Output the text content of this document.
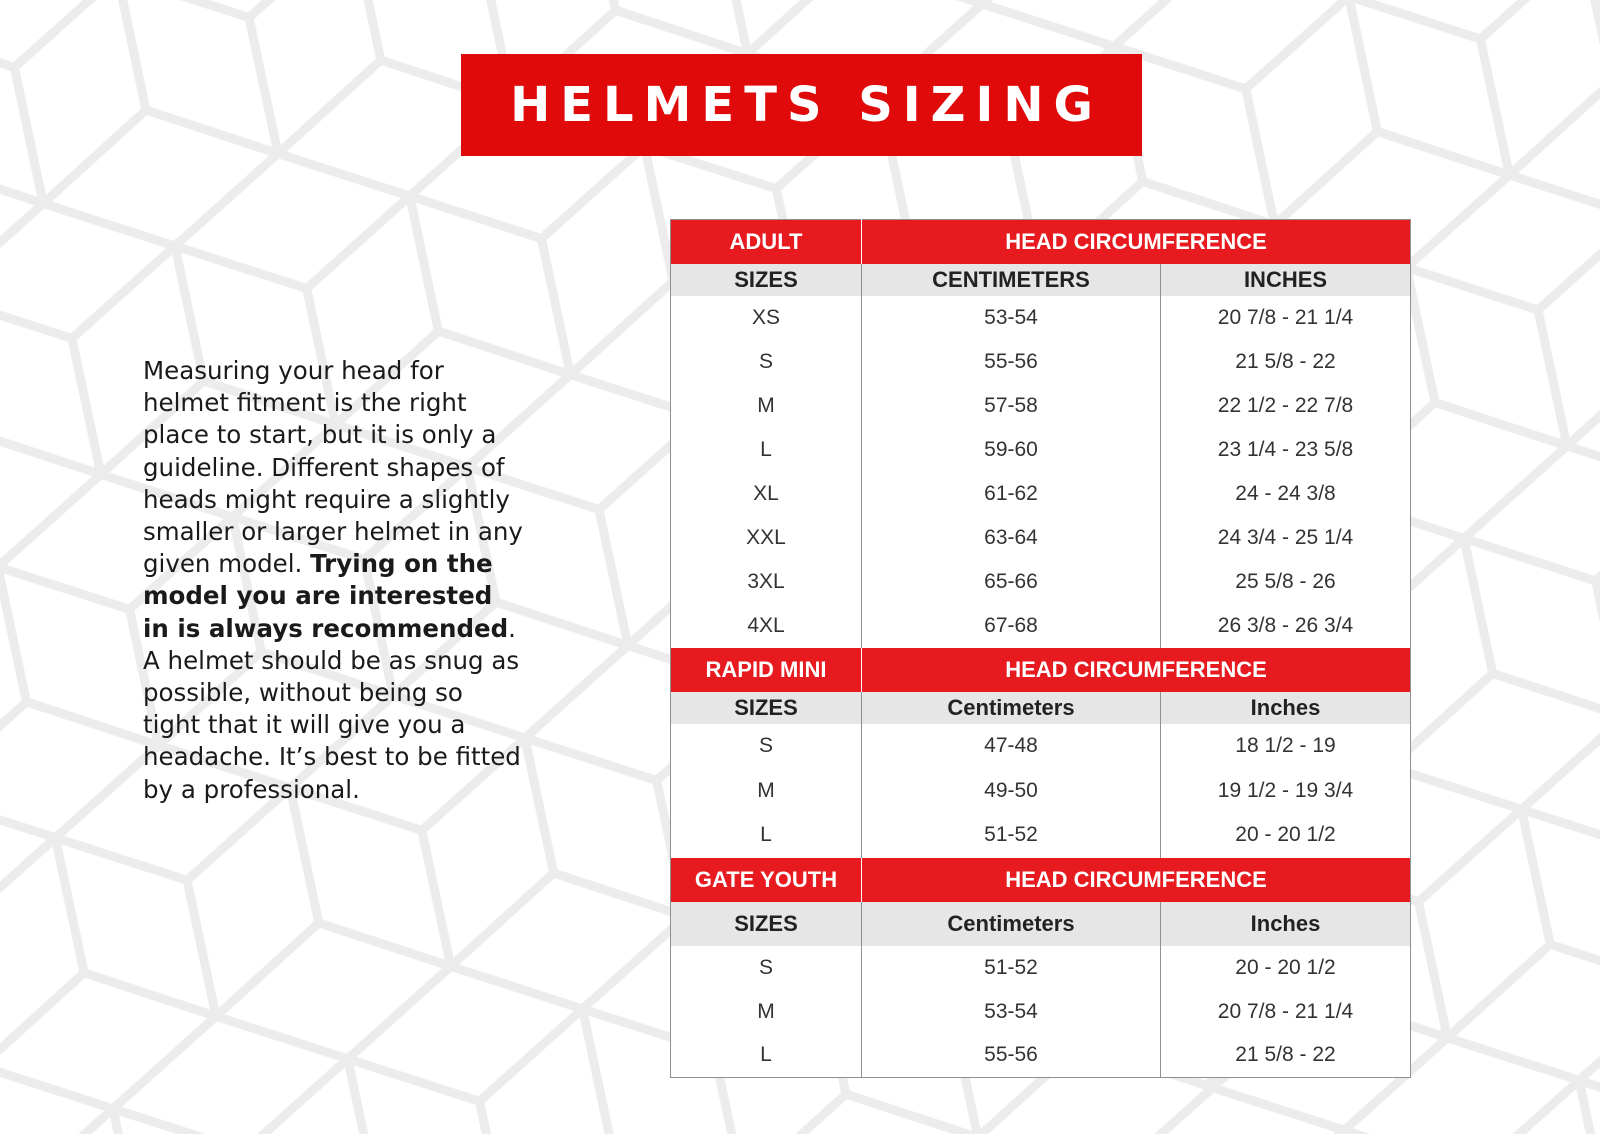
HELMETS SIZING
Measuring your head for helmet fitment is the right place to start, but it is only a guideline. Different shapes of heads might require a slightly smaller or larger helmet in any given model. Trying on the model you are interested in is always recommended. A helmet should be as snug as possible, without being so tight that it will give you a headache. It’s best to be fitted by a professional.
ADULT	HEAD CIRCUMFERENCE	
SIZES	CENTIMETERS	INCHES
XS	53-54	20 7/8 - 21 1/4
S	55-56	21 5/8 - 22
M	57-58	22 1/2 - 22 7/8
L	59-60	23 1/4 - 23 5/8
XL	61-62	24 - 24 3/8
XXL	63-64	24 3/4 - 25 1/4
3XL	65-66	25 5/8 - 26
4XL	67-68	26 3/8 - 26 3/4
RAPID MINI	HEAD CIRCUMFERENCE	
SIZES	Centimeters	Inches
S	47-48	18 1/2 - 19
M	49-50	19 1/2 - 19 3/4
L	51-52	20 - 20 1/2
GATE YOUTH	HEAD CIRCUMFERENCE	
SIZES	Centimeters	Inches
S	51-52	20 - 20 1/2
M	53-54	20 7/8 - 21 1/4
L	55-56	21 5/8 - 22
